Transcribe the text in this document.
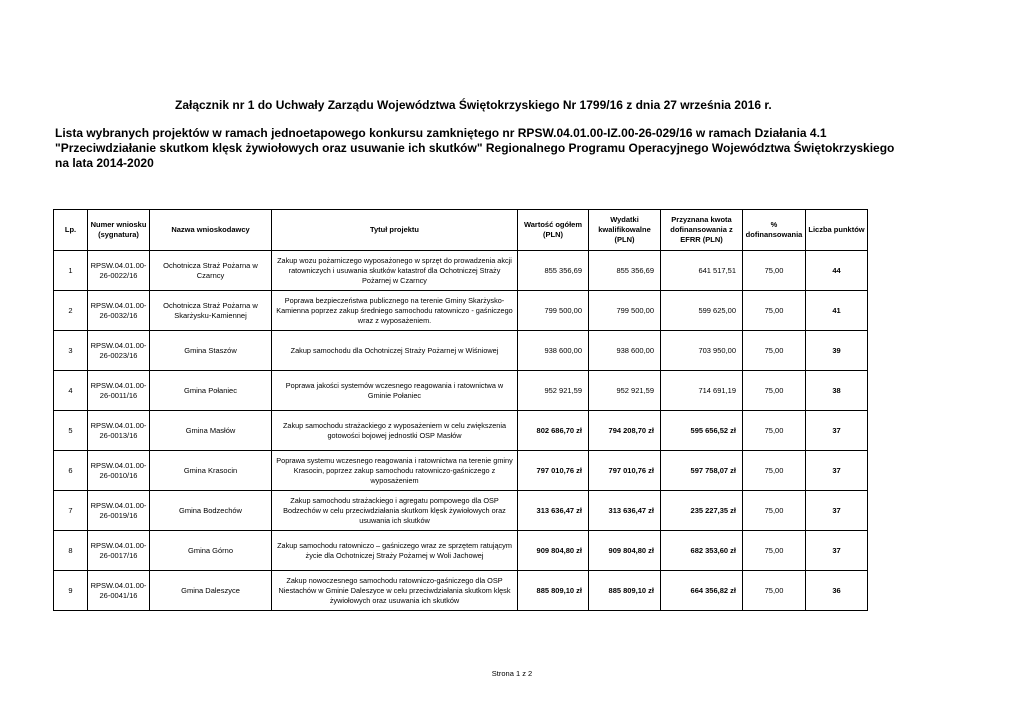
Załącznik nr 1 do Uchwały Zarządu Województwa Świętokrzyskiego Nr 1799/16 z dnia 27 września 2016 r.
Lista wybranych projektów w ramach jednoetapowego konkursu zamkniętego nr RPSW.04.01.00-IZ.00-26-029/16 w ramach Działania 4.1
"Przeciwdziałanie skutkom klęsk żywiołowych oraz usuwanie ich skutków" Regionalnego Programu Operacyjnego Województwa Świętokrzyskiego
na lata 2014-2020
Lp.	Numer wniosku (sygnatura)	Nazwa wnioskodawcy	Tytuł projektu	Wartość ogółem (PLN)	Wydatki kwalifikowalne (PLN)	Przyznana kwota dofinansowania z EFRR (PLN)	% dofinansowania	Liczba punktów
1	RPSW.04.01.00-26-0022/16	Ochotnicza Straż Pożarna w Czarncy	Zakup wozu pożarniczego wyposażonego w sprzęt do prowadzenia akcji ratowniczych i usuwania skutków katastrof dla Ochotniczej Straży Pożarnej w Czarncy	855 356,69	855 356,69	641 517,51	75,00	44
2	RPSW.04.01.00-26-0032/16	Ochotnicza Straż Pożarna w Skarżysku-Kamiennej	Poprawa bezpieczeństwa publicznego na terenie Gminy Skarżysko-Kamienna poprzez zakup średniego samochodu ratowniczo - gaśniczego wraz z wyposażeniem.	799 500,00	799 500,00	599 625,00	75,00	41
3	RPSW.04.01.00-26-0023/16	Gmina Staszów	Zakup samochodu dla Ochotniczej Straży Pożarnej w Wiśniowej	938 600,00	938 600,00	703 950,00	75,00	39
4	RPSW.04.01.00-26-0011/16	Gmina Połaniec	Poprawa jakości systemów wczesnego reagowania i ratownictwa w Gminie Połaniec	952 921,59	952 921,59	714 691,19	75,00	38
5	RPSW.04.01.00-26-0013/16	Gmina Masłów	Zakup samochodu strażackiego z wyposażeniem w celu zwiększenia gotowości bojowej jednostki OSP Masłów	802 686,70 zł	794 208,70 zł	595 656,52 zł	75,00	37
6	RPSW.04.01.00-26-0010/16	Gmina Krasocin	Poprawa systemu wczesnego reagowania i ratownictwa na terenie gminy Krasocin, poprzez zakup samochodu ratowniczo-gaśniczego z wyposażeniem	797 010,76 zł	797 010,76 zł	597 758,07 zł	75,00	37
7	RPSW.04.01.00-26-0019/16	Gmina Bodzechów	Zakup samochodu strażackiego i agregatu pompowego dla OSP Bodzechów w celu przeciwdziałania skutkom klęsk żywiołowych oraz usuwania ich skutków	313 636,47 zł	313 636,47 zł	235 227,35 zł	75,00	37
8	RPSW.04.01.00-26-0017/16	Gmina Górno	Zakup samochodu ratowniczo – gaśniczego wraz ze sprzętem ratującym życie dla Ochotniczej Straży Pożarnej w Woli Jachowej	909 804,80 zł	909 804,80 zł	682 353,60 zł	75,00	37
9	RPSW.04.01.00-26-0041/16	Gmina Daleszyce	Zakup nowoczesnego samochodu ratowniczo-gaśniczego dla OSP Niestachów w Gminie Daleszyce w celu przeciwdziałania skutkom klęsk żywiołowych oraz usuwania ich skutków	885 809,10 zł	885 809,10 zł	664 356,82 zł	75,00	36
Strona 1 z 2
